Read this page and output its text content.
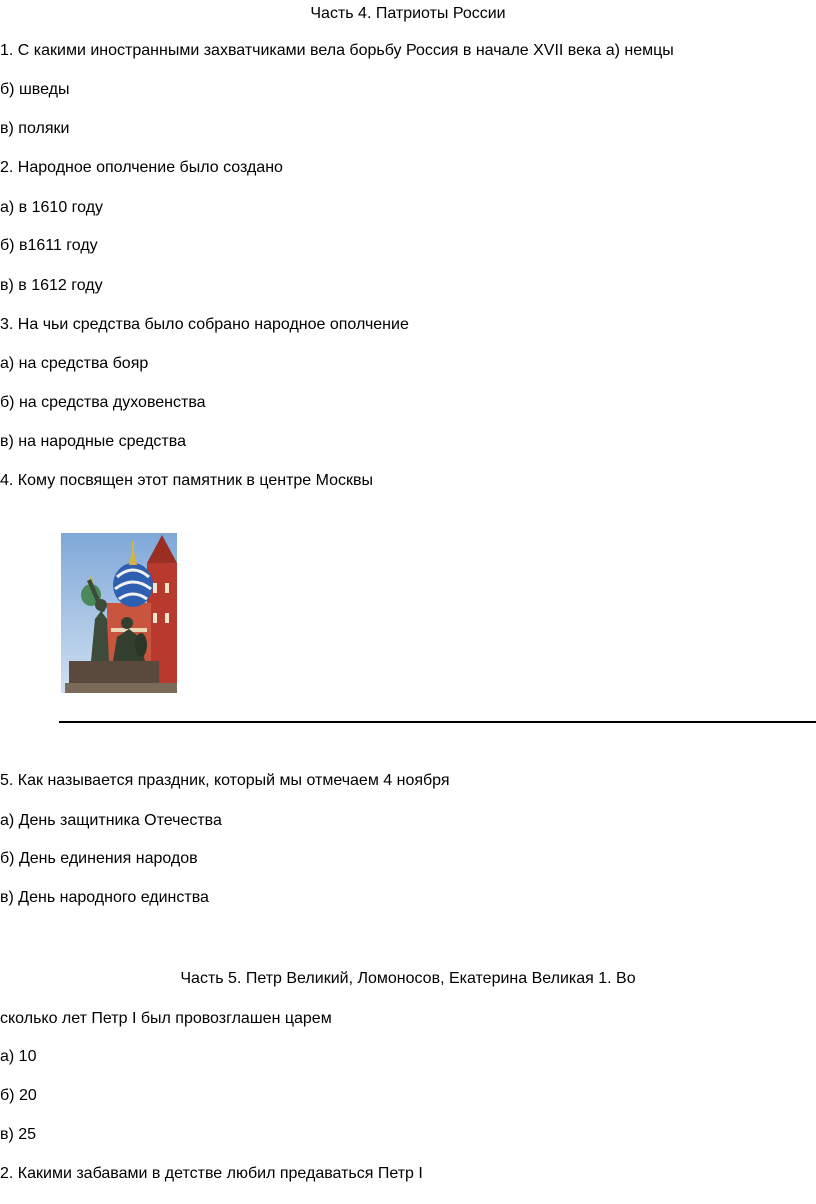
Часть 4. Патриоты России
1. С какими иностранными захватчиками вела борьбу Россия в начале XVII века а) немцы
б) шведы
в) поляки
2. Народное ополчение было создано
а) в 1610 году
б) в1611 году
в) в 1612 году
3. На чьи средства было собрано народное ополчение
а) на средства бояр
б) на средства духовенства
в) на народные средства
4. Кому посвящен этот памятник в центре Москвы
5. Как называется праздник, который мы отмечаем 4 ноября
а) День защитника Отечества
б) День единения народов
в) День народного единства
Часть 5. Петр Великий, Ломоносов, Екатерина Великая 1. Во
сколько лет Петр I был провозглашен царем
а) 10
б) 20
в) 25
2. Какими забавами в детстве любил предаваться Петр I
